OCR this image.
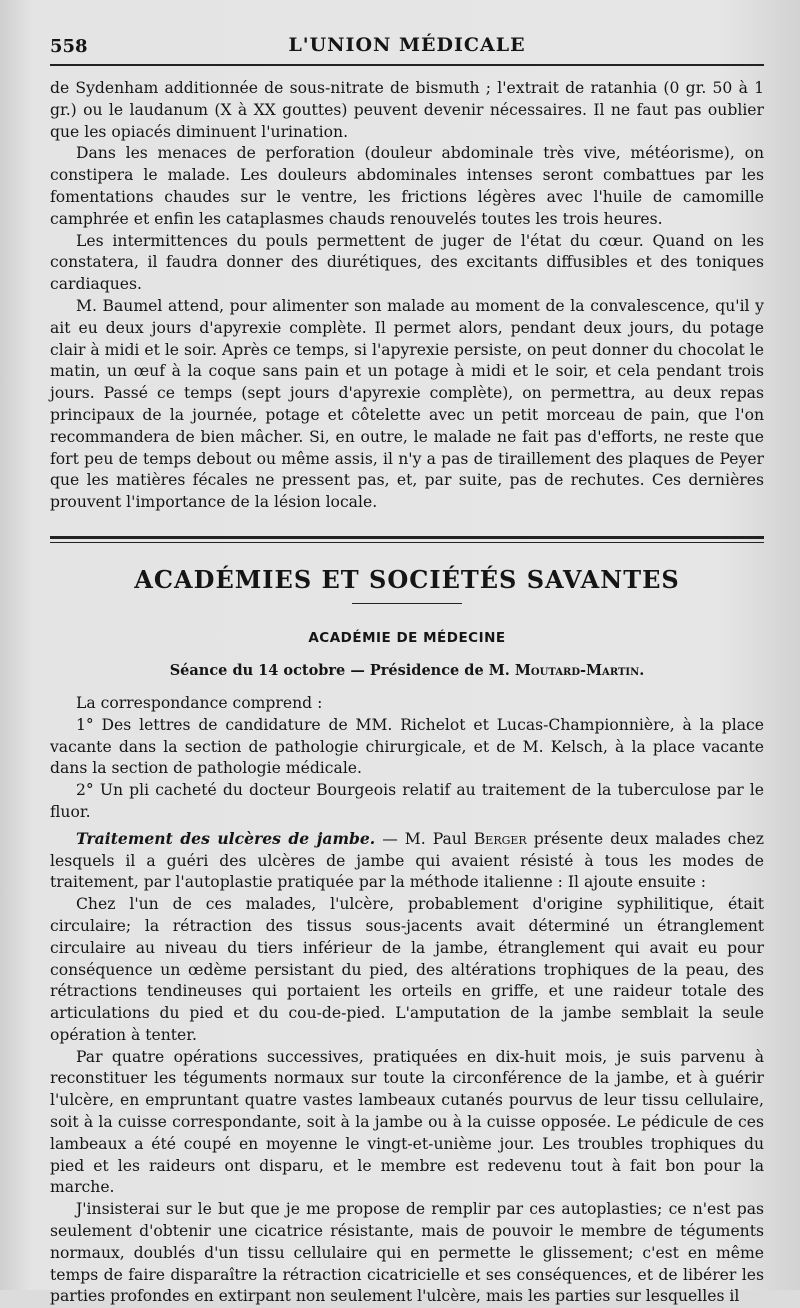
558	L'UNION MÉDICALE

de Sydenham additionnée de sous-nitrate de bismuth ; l'extrait de ratanhia (0 gr. 50 à 1 gr.) ou le laudanum (X à XX gouttes) peuvent devenir nécessaires. Il ne faut pas oublier que les opiacés diminuent l'urination.

Dans les menaces de perforation (douleur abdominale très vive, météorisme), on constipera le malade. Les douleurs abdominales intenses seront combattues par les fomentations chaudes sur le ventre, les frictions légères avec l'huile de camomille camphrée et enfin les cataplasmes chauds renouvelés toutes les trois heures.

Les intermittences du pouls permettent de juger de l'état du cœur. Quand on les constatera, il faudra donner des diurétiques, des excitants diffusibles et des toniques cardiaques.

M. Baumel attend, pour alimenter son malade au moment de la convalescence, qu'il y ait eu deux jours d'apyrexie complète. Il permet alors, pendant deux jours, du potage clair à midi et le soir. Après ce temps, si l'apyrexie persiste, on peut donner du chocolat le matin, un œuf à la coque sans pain et un potage à midi et le soir, et cela pendant trois jours. Passé ce temps (sept jours d'apyrexie complète), on permettra, au deux repas principaux de la journée, potage et côtelette avec un petit morceau de pain, que l'on recommandera de bien mâcher. Si, en outre, le malade ne fait pas d'efforts, ne reste que fort peu de temps debout ou même assis, il n'y a pas de tiraillement des plaques de Peyer que les matières fécales ne pressent pas, et, par suite, pas de rechutes. Ces dernières prouvent l'importance de la lésion locale.

ACADÉMIES ET SOCIÉTÉS SAVANTES
ACADÉMIE DE MÉDECINE
Séance du 14 octobre — Présidence de M. Moutard-Martin.

La correspondance comprend :

1° Des lettres de candidature de MM. Richelot et Lucas-Championnière, à la place vacante dans la section de pathologie chirurgicale, et de M. Kelsch, à la place vacante dans la section de pathologie médicale.

2° Un pli cacheté du docteur Bourgeois relatif au traitement de la tuberculose par le fluor.

Traitement des ulcères de jambe. — M. Paul Berger présente deux malades chez lesquels il a guéri des ulcères de jambe qui avaient résisté à tous les modes de traitement, par l'autoplastie pratiquée par la méthode italienne : Il ajoute ensuite :

Chez l'un de ces malades, l'ulcère, probablement d'origine syphilitique, était circulaire; la rétraction des tissus sous-jacents avait déterminé un étranglement circulaire au niveau du tiers inférieur de la jambe, étranglement qui avait eu pour conséquence un œdème persistant du pied, des altérations trophiques de la peau, des rétractions tendineuses qui portaient les orteils en griffe, et une raideur totale des articulations du pied et du cou-de-pied. L'amputation de la jambe semblait la seule opération à tenter.

Par quatre opérations successives, pratiquées en dix-huit mois, je suis parvenu à reconstituer les téguments normaux sur toute la circonférence de la jambe, et à guérir l'ulcère, en empruntant quatre vastes lambeaux cutanés pourvus de leur tissu cellulaire, soit à la cuisse correspondante, soit à la jambe ou à la cuisse opposée. Le pédicule de ces lambeaux a été coupé en moyenne le vingt-et-unième jour. Les troubles trophiques du pied et les raideurs ont disparu, et le membre est redevenu tout à fait bon pour la marche.

J'insisterai sur le but que je me propose de remplir par ces autoplasties; ce n'est pas seulement d'obtenir une cicatrice résistante, mais de pouvoir le membre de téguments normaux, doublés d'un tissu cellulaire qui en permette le glissement; c'est en même temps de faire disparaître la rétraction cicatricielle et ses conséquences, et de libérer les parties profondes en extirpant non seulement l'ulcère, mais les parties sur lesquelles il
